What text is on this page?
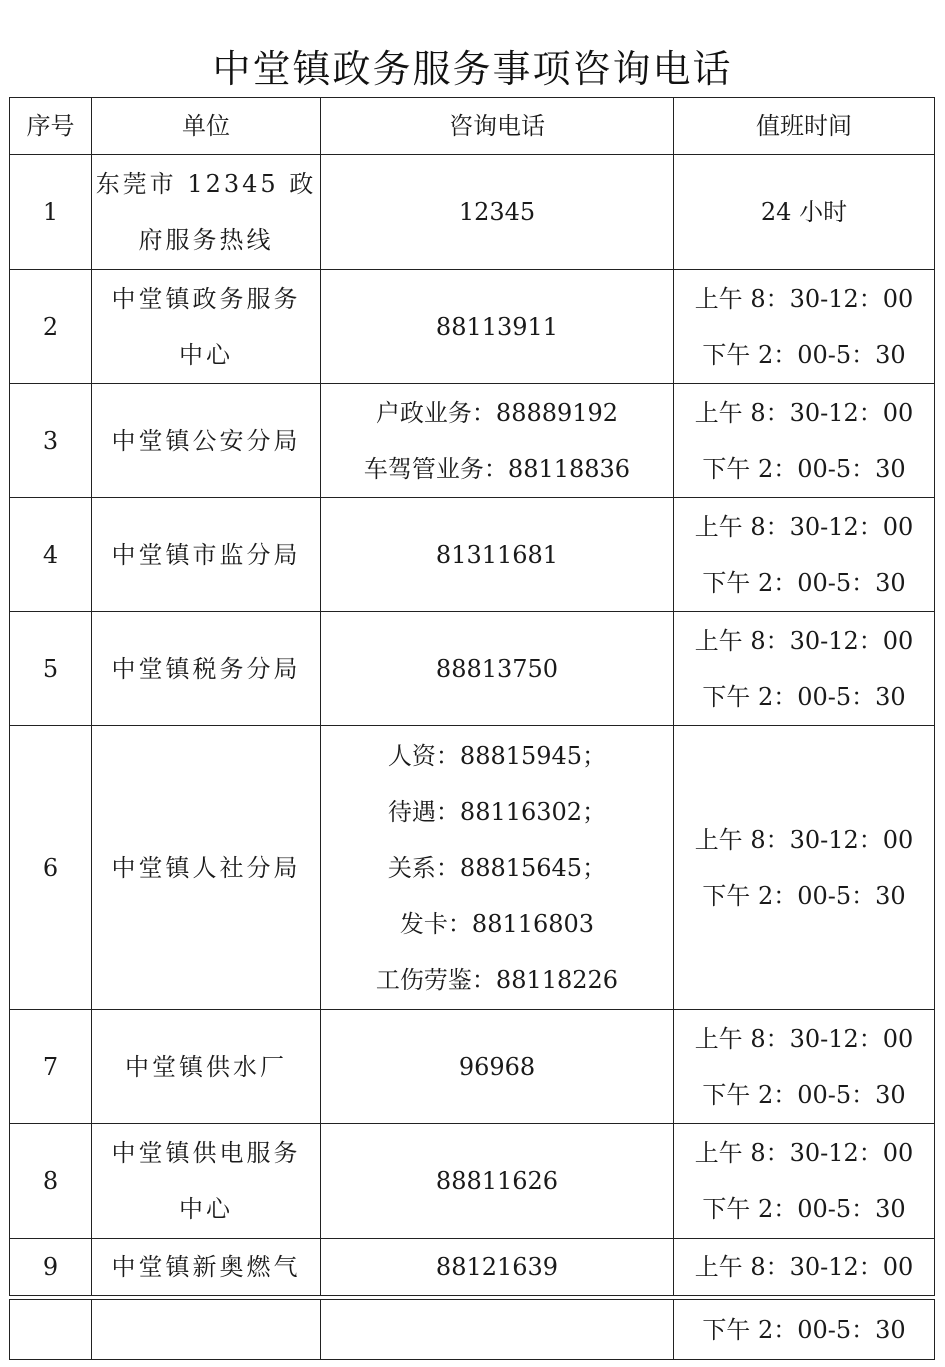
中堂镇政务服务事项咨询电话
序号	单位	咨询电话	值班时间
1	东莞市 12345 政
府服务热线	12345	24 小时

2	中堂镇政务服务
中心	88113911	上午 8：30-12：00
下午 2：00-5：30

3	中堂镇公安分局	户政业务：88889192
车驾管业务：88118836	上午 8：30-12：00
下午 2：00-5：30

4	中堂镇市监分局	81311681	上午 8：30-12：00
下午 2：00-5：30

5	中堂镇税务分局	88813750	上午 8：30-12：00
下午 2：00-5：30

6	中堂镇人社分局	人资：88815945；
待遇：88116302；
关系：88815645；
发卡：88116803
工伤劳鉴：88118226	上午 8：30-12：00
下午 2：00-5：30

7	中堂镇供水厂	96968	上午 8：30-12：00
下午 2：00-5：30

8	中堂镇供电服务
中心	88811626	上午 8：30-12：00
下午 2：00-5：30

9	中堂镇新奥燃气	88121639	上午 8：30-12：00
			下午 2：00-5：30
